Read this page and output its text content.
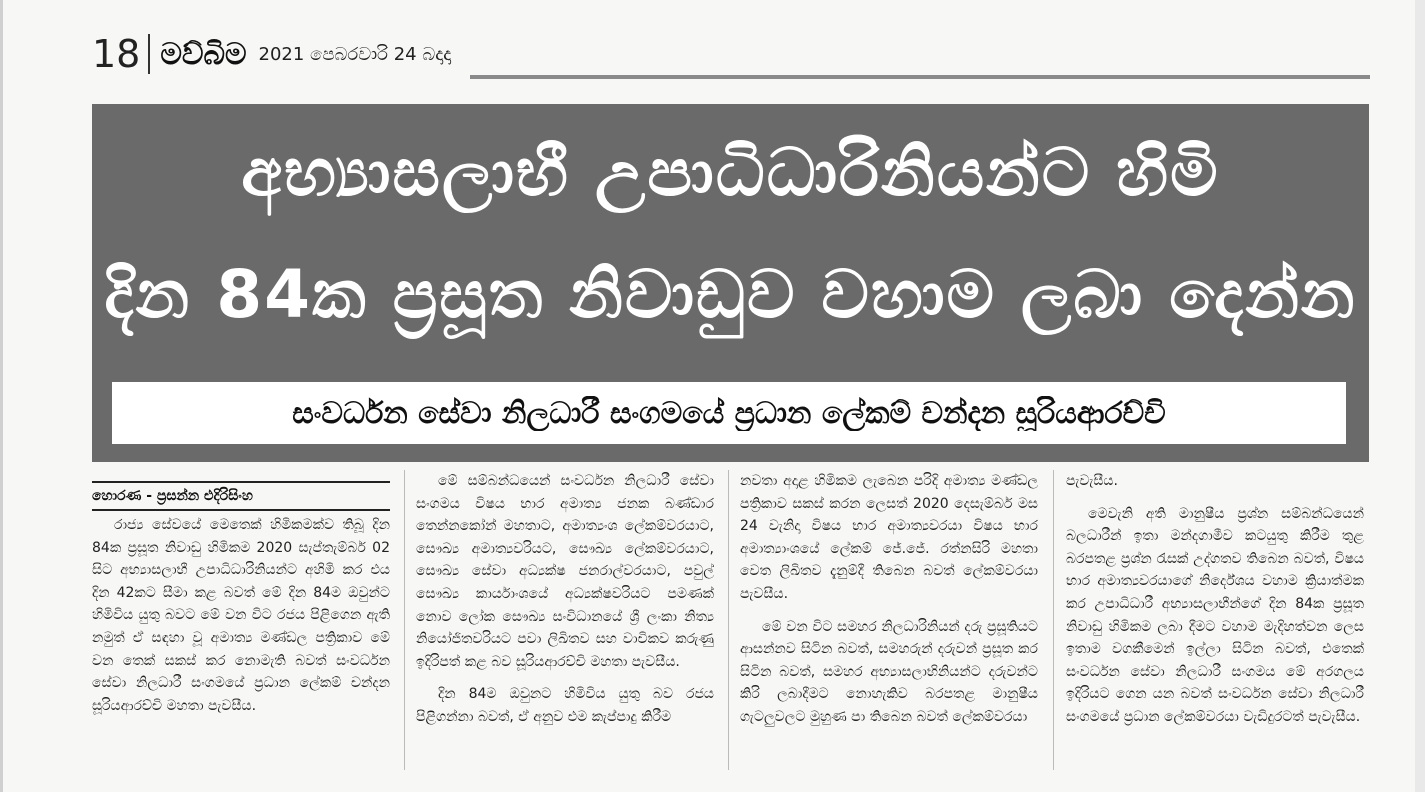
18 මව්බිම 2021 පෙබරවාරි 24 බදාදා
අභ්‍යාසලාභී උපාධිධාරිනියන්ට හිමි
දින 84ක ප්‍රසූත නිවාඩුව වහාම ලබා දෙන්න
සංවර්ධන සේවා නිලධාරී සංගමයේ ප්‍රධාන ලේකම් චන්දන සූරියආරච්චි
හොරණ - ප්‍රසන්න එදිරිසිංහ

රාජ්‍ය සේවයේ මෙතෙක් හිමිකමක්ව තිබූ දින 84ක ප්‍රසූත නිවාඩු හිමිකම 2020 සැප්තැම්බර් 02 සිට අභ්‍යාසලාභී උපාධිධාරිනියන්ට අහිමි කර එය දින 42කට සීමා කළ බවත් මේ දින 84ම ඔවුන්ට හිමිවිය යුතු බවට මේ වන විට රජය පිළිගෙන ඇති නමුත් ඒ සඳහා වූ අමාත්‍ය මණ්ඩල පත්‍රිකාව මේ වන තෙක් සකස් කර නොමැති බවත් සංවර්ධන සේවා නිලධාරී සංගමයේ ප්‍රධාන ලේකම් චන්දන සූරියආරච්චි මහතා පැවසීය.

මේ සම්බන්ධයෙන් සංවර්ධන නිලධාරී සේවා සංගමය විෂය භාර අමාත්‍ය ජනක බණ්ඩාර තෙන්නකෝන් මහතාට, අමාත්‍යංශ ලේකම්වරයාට, සෞඛ්‍ය අමාත්‍යවරියට, සෞඛ්‍ය ලේකම්වරයාට, සෞඛ්‍ය සේවා අධ්‍යක්ෂ ජනරාල්වරයාට, පවුල් සෞඛ්‍ය කාර්යාංශයේ අධ්‍යක්ෂවරියට පමණක් නොව ලෝක සෞඛ්‍ය සංවිධානයේ ශ්‍රී ලංකා නිත්‍ය නියෝජිතවරියට පවා ලිඛිතව සහ වාචිකව කරුණු ඉදිරිපත් කළ බව සූරියආරච්චි මහතා පැවසීය.

දින 84ම ඔවුනට හිමිවිය යුතු බව රජය පිළිගන්නා බවත්, ඒ අනුව එම කැප්පාදු කිරීම

නවතා අදාළ හිමිකම ලැබෙන පරිදි අමාත්‍ය මණ්ඩල පත්‍රිකාව සකස් කරන ලෙසත් 2020 දෙසැම්බර් මස 24 වැනිදා විෂය භාර අමාත්‍යවරයා විෂය භාර අමාත්‍යාංශයේ ලේකම් ජේ.ජේ. රත්නසිරි මහතා වෙත ලිඛිතව දැනුම්දී තිබෙන බවත් ලේකම්වරයා පැවසීය.

මේ වන විට සමහර නිලධාරිනියන් දරු ප්‍රසූතියට ආසන්නව සිටින බවත්, සමහරුන් දරුවන් ප්‍රසූත කර සිටින බවත්, සමහර අභ්‍යාසලාභිනියන්ට දරුවන්ට කිරි ලබාදීමට නොහැකිව බරපතළ මානුෂීය ගැටලුවලට මුහුණ පා තිබෙන බවත් ලේකම්වරයා

පැවැසීය.

මෙවැනි අති මානුෂීය ප්‍රශ්න සම්බන්ධයෙන් බලධාරීන් ඉතා මන්දගාමීව කටයුතු කිරීම තුළ බරපතළ ප්‍රශ්න රැසක් උද්ගතව තිබෙන බවත්, විෂය භාර අමාත්‍යවරයාගේ නිර්දේශය වහාම ක්‍රියාත්මක කර උපාධිධාරී අභ්‍යාසලාභීන්ගේ දින 84ක ප්‍රසූත නිවාඩු හිමිකම ලබා දීමට වහාම මැදිහත්වන ලෙස ඉතාම වගකීමෙන් ඉල්ලා සිටින බවත්, එතෙක් සංවර්ධන සේවා නිලධාරී සංගමය මේ අරගලය ඉදිරියට ගෙන යන බවත් සංවර්ධන සේවා නිලධාරී සංගමයේ ප්‍රධාන ලේකම්වරයා වැඩිදුරටත් පැවැසීය.
